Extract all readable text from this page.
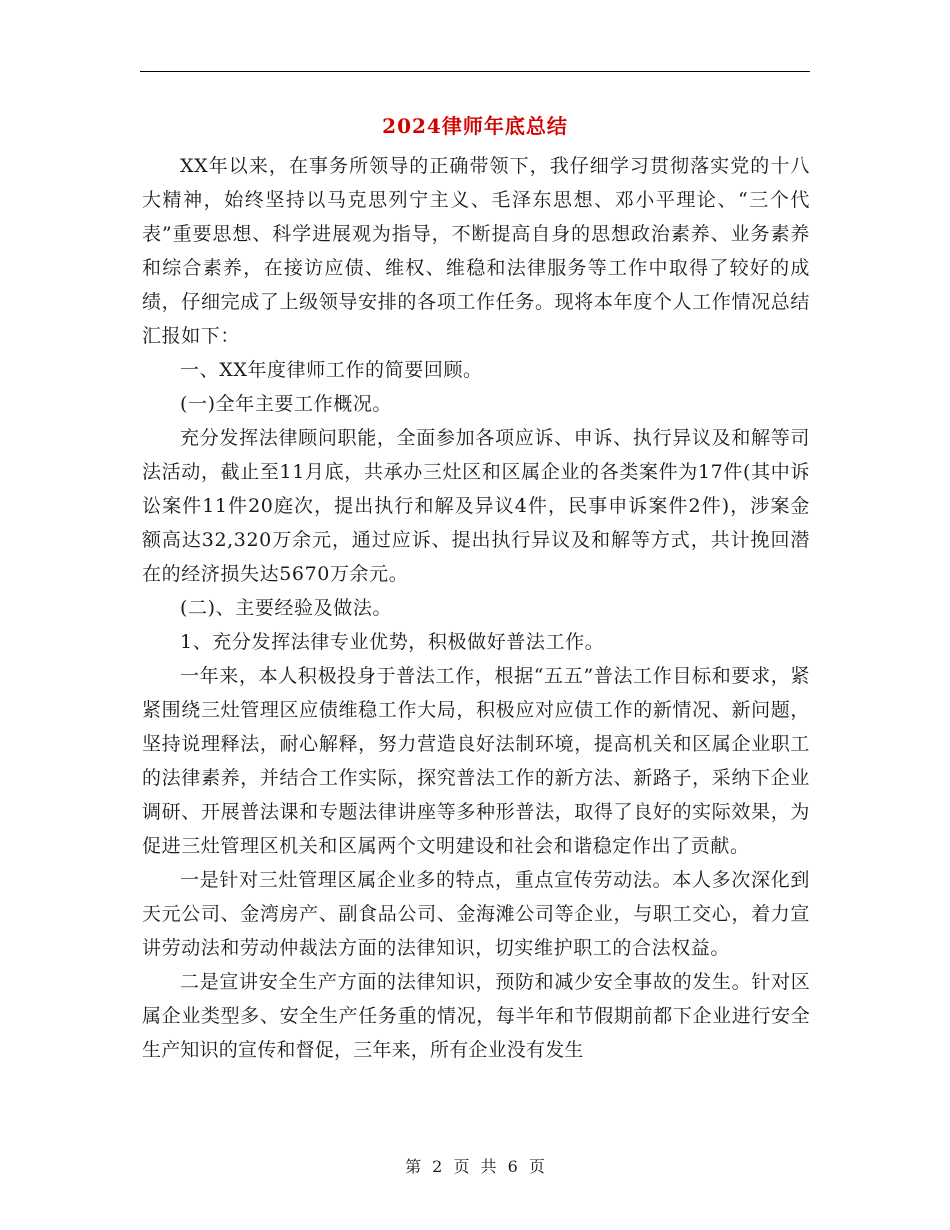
2024律师年底总结

XX年以来，在事务所领导的正确带领下，我仔细学习贯彻落实党的十八大精神，始终坚持以马克思列宁主义、毛泽东思想、邓小平理论、“三个代表”重要思想、科学进展观为指导，不断提高自身的思想政治素养、业务素养和综合素养，在接访应债、维权、维稳和法律服务等工作中取得了较好的成绩，仔细完成了上级领导安排的各项工作任务。现将本年度个人工作情况总结汇报如下：

一、XX年度律师工作的简要回顾。

(一)全年主要工作概况。

充分发挥法律顾问职能，全面参加各项应诉、申诉、执行异议及和解等司法活动，截止至11月底，共承办三灶区和区属企业的各类案件为17件(其中诉讼案件11件20庭次，提出执行和解及异议4件，民事申诉案件2件)，涉案金额高达32,320万余元，通过应诉、提出执行异议及和解等方式，共计挽回潜在的经济损失达5670万余元。

(二)、主要经验及做法。

1、充分发挥法律专业优势，积极做好普法工作。

一年来，本人积极投身于普法工作，根据“五五”普法工作目标和要求，紧紧围绕三灶管理区应债维稳工作大局，积极应对应债工作的新情况、新问题，坚持说理释法，耐心解释，努力营造良好法制环境，提高机关和区属企业职工的法律素养，并结合工作实际，探究普法工作的新方法、新路子，采纳下企业调研、开展普法课和专题法律讲座等多种形普法，取得了良好的实际效果，为促进三灶管理区机关和区属两个文明建设和社会和谐稳定作出了贡献。

一是针对三灶管理区属企业多的特点，重点宣传劳动法。本人多次深化到天元公司、金湾房产、副食品公司、金海滩公司等企业，与职工交心，着力宣讲劳动法和劳动仲裁法方面的法律知识，切实维护职工的合法权益。

二是宣讲安全生产方面的法律知识，预防和减少安全事故的发生。针对区属企业类型多、安全生产任务重的情况，每半年和节假期前都下企业进行安全生产知识的宣传和督促，三年来，所有企业没有发生

第 2 页 共 6 页
